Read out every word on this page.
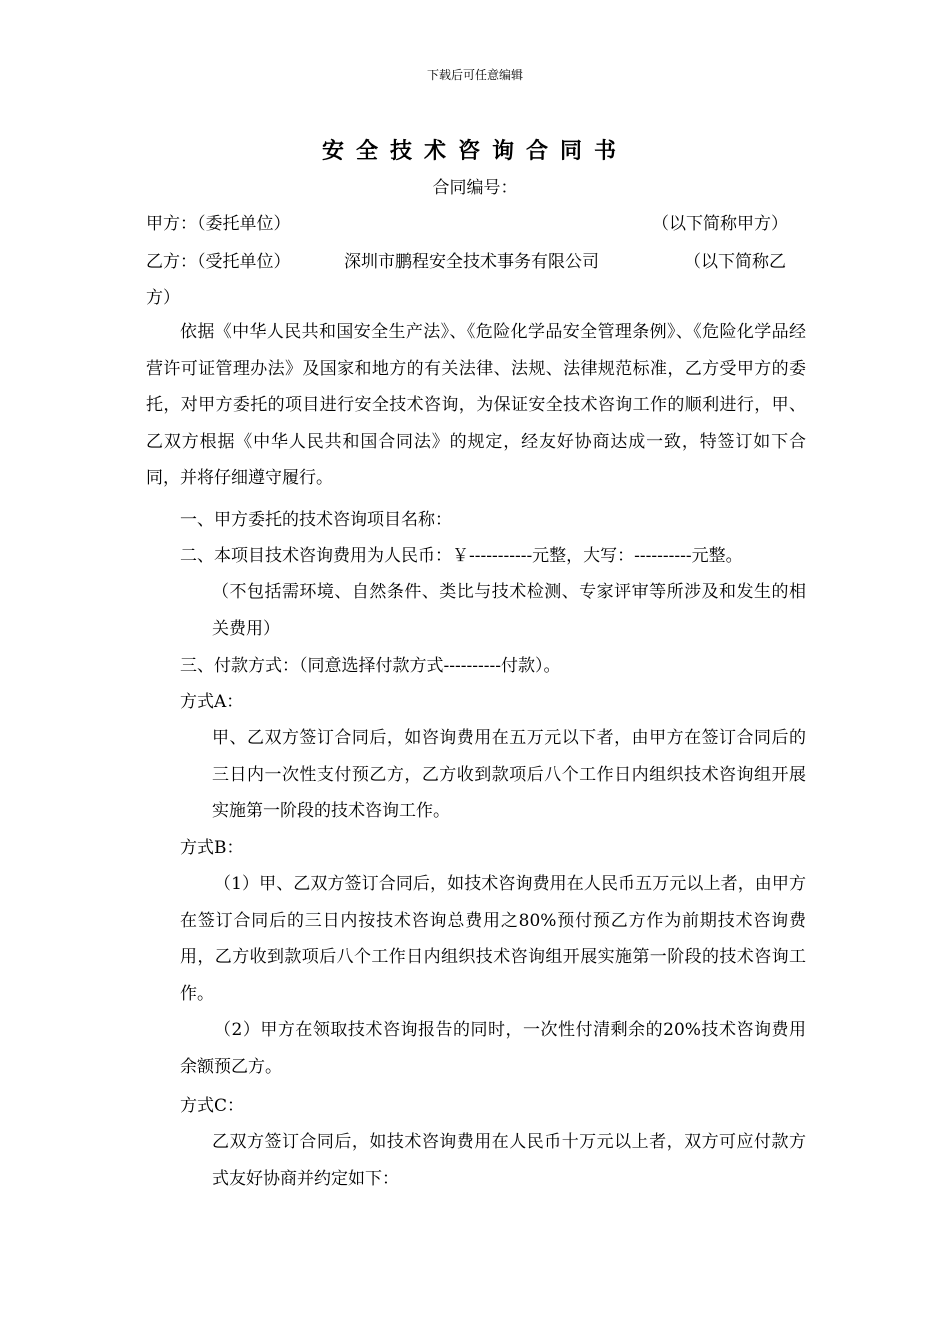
下载后可任意编辑
安全技术咨询合同书
合同编号：
甲方：（委托单位）	（以下简称甲方）
乙方：（受托单位）	深圳市鹏程安全技术事务有限公司	（以下简称乙
方）
依据《中华人民共和国安全生产法》、《危险化学品安全管理条例》、《危险化学品经营许可证管理办法》及国家和地方的有关法律、法规、法律规范标准，乙方受甲方的委托，对甲方委托的项目进行安全技术咨询，为保证安全技术咨询工作的顺利进行，甲、乙双方根据《中华人民共和国合同法》的规定，经友好协商达成一致，特签订如下合同，并将仔细遵守履行。
一、甲方委托的技术咨询项目名称：
二、本项目技术咨询费用为人民币：￥-----------元整，大写：----------元整。
（不包括需环境、自然条件、类比与技术检测、专家评审等所涉及和发生的相关费用）
三、付款方式：（同意选择付款方式----------付款）。
方式A：
甲、乙双方签订合同后，如咨询费用在五万元以下者，由甲方在签订合同后的三日内一次性支付预乙方，乙方收到款项后八个工作日内组织技术咨询组开展实施第一阶段的技术咨询工作。
方式B：
（1）甲、乙双方签订合同后，如技术咨询费用在人民币五万元以上者，由甲方在签订合同后的三日内按技术咨询总费用之80%预付预乙方作为前期技术咨询费用，乙方收到款项后八个工作日内组织技术咨询组开展实施第一阶段的技术咨询工作。
（2）甲方在领取技术咨询报告的同时，一次性付清剩余的20%技术咨询费用余额预乙方。
方式C：
乙双方签订合同后，如技术咨询费用在人民币十万元以上者，双方可应付款方式友好协商并约定如下：
